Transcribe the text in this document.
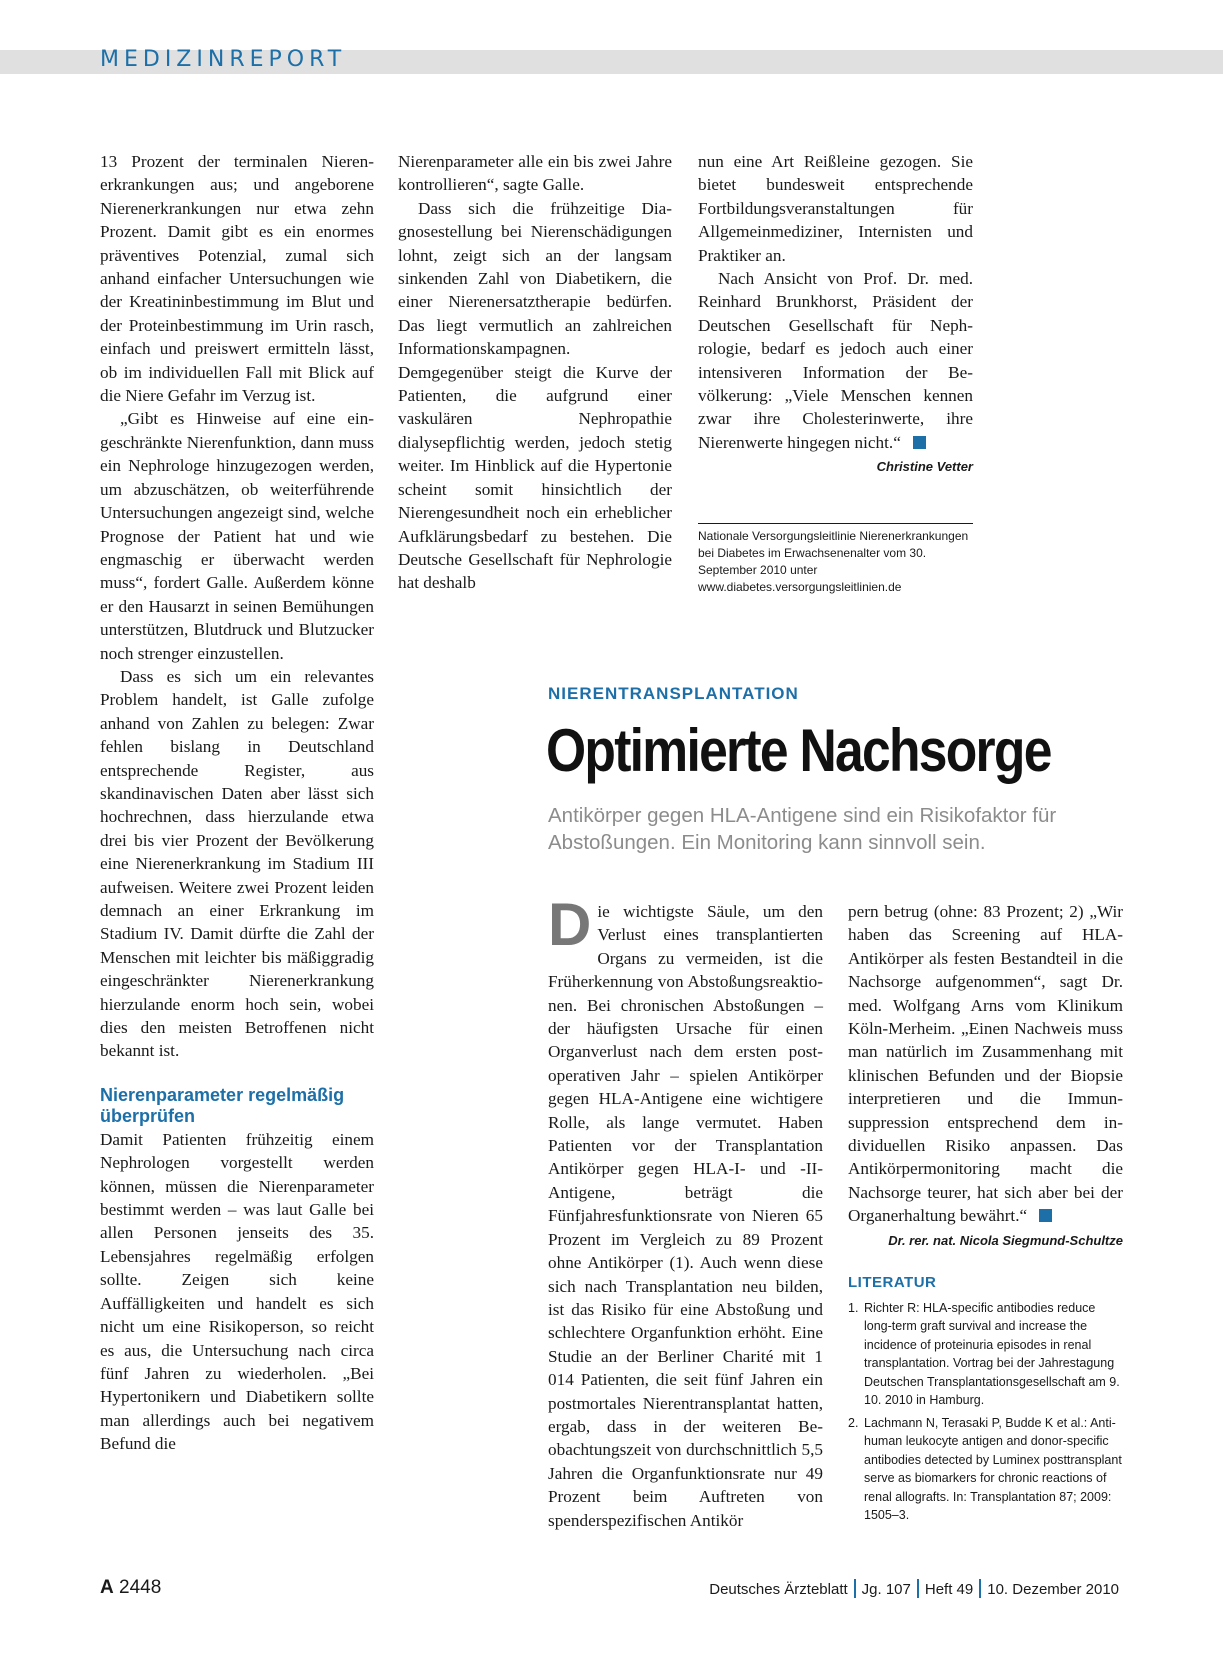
MEDIZINREPORT

13 Prozent der terminalen Nierenerkrankungen aus; und angeborene Nierenerkrankungen nur etwa zehn Prozent. Damit gibt es ein enormes präventives Potenzial, zumal sich anhand einfacher Untersuchungen wie der Kreatininbestimmung im Blut und der Proteinbestimmung im Urin rasch, einfach und preiswert ermitteln lässt, ob im individuellen Fall mit Blick auf die Niere Gefahr im Verzug ist.

„Gibt es Hinweise auf eine eingeschränkte Nierenfunktion, dann muss ein Nephrologe hinzugezogen werden, um abzuschätzen, ob weiterführende Untersuchungen angezeigt sind, welche Prognose der Patient hat und wie engmaschig er überwacht werden muss“, fordert Galle. Außerdem könne er den Hausarzt in seinen Bemühungen unterstützen, Blutdruck und Blutzucker noch strenger einzustellen.

Dass es sich um ein relevantes Problem handelt, ist Galle zufolge anhand von Zahlen zu belegen: Zwar fehlen bislang in Deutschland entsprechende Register, aus skandinavischen Daten aber lässt sich hochrechnen, dass hierzulande etwa drei bis vier Prozent der Bevölkerung eine Nierenerkrankung im Stadium III aufweisen. Weitere zwei Prozent leiden demnach an einer Erkrankung im Stadium IV. Damit dürfte die Zahl der Menschen mit leichter bis mäßiggradig eingeschränkter Nierenerkrankung hierzulande enorm hoch sein, wobei dies den meisten Betroffenen nicht bekannt ist.

Nierenparameter regelmäßig überprüfen

Damit Patienten frühzeitig einem Nephrologen vorgestellt werden können, müssen die Nierenparameter bestimmt werden – was laut Galle bei allen Personen jenseits des 35. Lebensjahres regelmäßig erfolgen sollte. Zeigen sich keine Auffälligkeiten und handelt es sich nicht um eine Risikoperson, so reicht es aus, die Untersuchung nach circa fünf Jahren zu wiederholen. „Bei Hypertonikern und Diabetikern sollte man allerdings auch bei negativem Befund die

Nierenparameter alle ein bis zwei Jahre kontrollieren“, sagte Galle.

Dass sich die frühzeitige Diagnosestellung bei Nierenschädigungen lohnt, zeigt sich an der langsam sinkenden Zahl von Diabetikern, die einer Nierenersatztherapie bedürfen. Das liegt vermutlich an zahlreichen Informationskampagnen. Demgegenüber steigt die Kurve der Patienten, die aufgrund einer vaskulären Nephropathie dialysepflichtig werden, jedoch stetig weiter. Im Hinblick auf die Hypertonie scheint somit hinsichtlich der Nierengesundheit noch ein erheblicher Aufklärungsbedarf zu bestehen. Die Deutsche Gesellschaft für Nephrologie hat deshalb

nun eine Art Reißleine gezogen. Sie bietet bundesweit entsprechende Fortbildungsveranstaltungen für Allgemeinmediziner, Internisten und Praktiker an.

Nach Ansicht von Prof. Dr. med. Reinhard Brunkhorst, Präsident der Deutschen Gesellschaft für Nephrologie, bedarf es jedoch auch einer intensiveren Information der Bevölkerung: „Viele Menschen kennen zwar ihre Cholesterinwerte, ihre Nierenwerte hingegen nicht.“

Christine Vetter
Nationale Versorgungsleitlinie Nierenerkrankungen bei Diabetes im Erwachsenenalter vom 30. September 2010 unter www.diabetes.versorgungsleitlinien.de
NIERENTRANSPLANTATION
Optimierte Nachsorge
Antikörper gegen HLA-Antigene sind ein Risikofaktor für Abstoßungen. Ein Monitoring kann sinnvoll sein.

Die wichtigste Säule, um den Verlust eines transplantierten Organs zu vermeiden, ist die Früherkennung von Abstoßungsreaktionen. Bei chronischen Abstoßungen – der häufigsten Ursache für einen Organverlust nach dem ersten postoperativen Jahr – spielen Antikörper gegen HLA-Antigene eine wichtigere Rolle, als lange vermutet. Haben Patienten vor der Transplantation Antikörper gegen HLA-I- und -II-Antigene, beträgt die Fünfjahresfunktionsrate von Nieren 65 Prozent im Vergleich zu 89 Prozent ohne Antikörper (1). Auch wenn diese sich nach Transplantation neu bilden, ist das Risiko für eine Abstoßung und schlechtere Organfunktion erhöht. Eine Studie an der Berliner Charité mit 1 014 Patienten, die seit fünf Jahren ein postmortales Nierentransplantat hatten, ergab, dass in der weiteren Beobachtungszeit von durchschnittlich 5,5 Jahren die Organfunktionsrate nur 49 Prozent beim Auftreten von spenderspezifischen Antikör

pern betrug (ohne: 83 Prozent; 2) „Wir haben das Screening auf HLA-Antikörper als festen Bestandteil in die Nachsorge aufgenommen“, sagt Dr. med. Wolfgang Arns vom Klinikum Köln-Merheim. „Einen Nachweis muss man natürlich im Zusammenhang mit klinischen Befunden und der Biopsie interpretieren und die Immunsuppression entsprechend dem individuellen Risiko anpassen. Das Antikörpermonitoring macht die Nachsorge teurer, hat sich aber bei der Organerhaltung bewährt.“

Dr. rer. nat. Nicola Siegmund-Schultze
LITERATUR
1. Richter R: HLA-specific antibodies reduce long-term graft survival and increase the incidence of proteinuria episodes in renal transplantation. Vortrag bei der Jahrestagung Deutschen Transplantationsgesellschaft am 9. 10. 2010 in Hamburg.
2. Lachmann N, Terasaki P, Budde K et al.: Anti-human leukocyte antigen and donor-specific antibodies detected by Luminex posttransplant serve as biomarkers for chronic reactions of renal allografts. In: Transplantation 87; 2009: 1505–3.
A 2448	Deutsches Ärzteblatt Jg. 107 Heft 49 10. Dezember 2010
